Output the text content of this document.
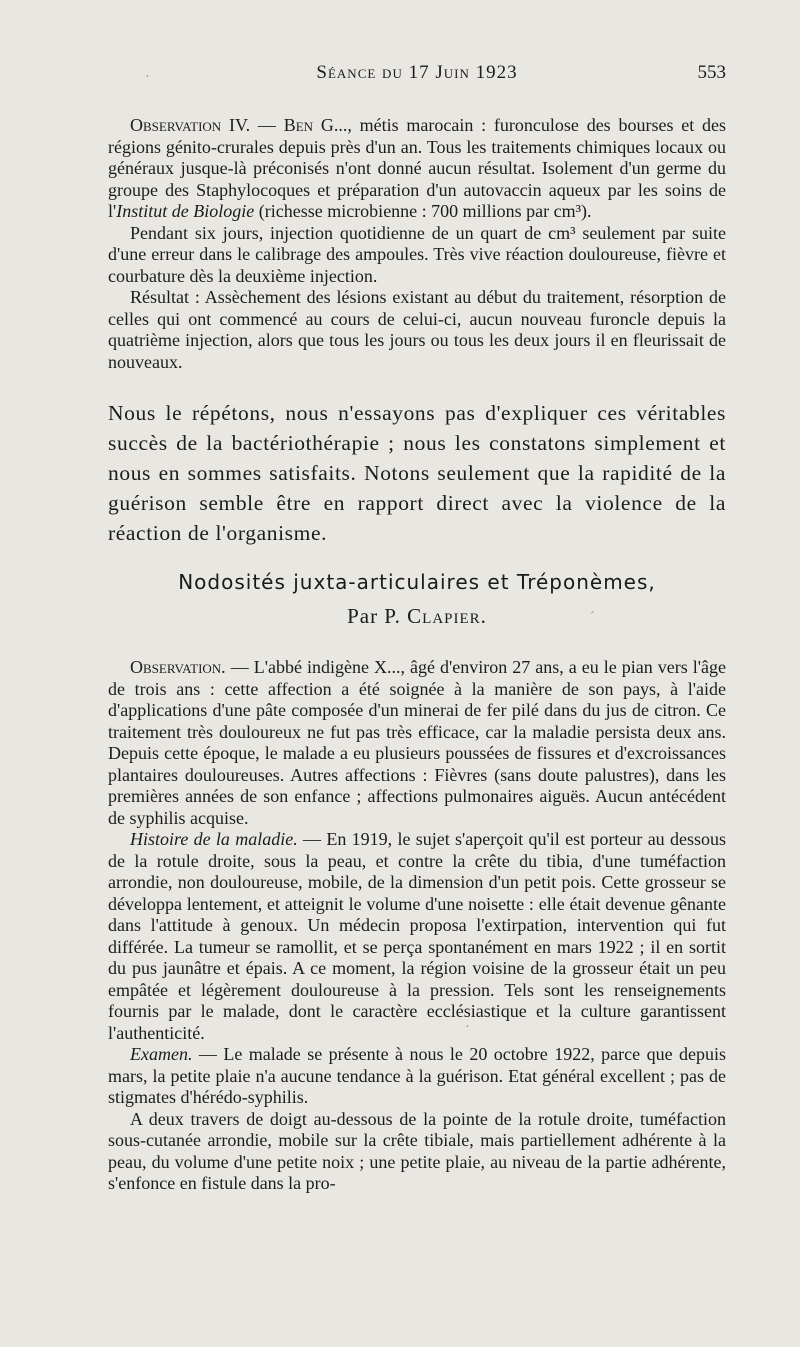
Séance du 17 Juin 1923	553

Observation IV. — Ben G..., métis marocain : furonculose des bourses et des régions génito-crurales depuis près d'un an. Tous les traitements chimiques locaux ou généraux jusque-là préconisés n'ont donné aucun résultat. Isolement d'un germe du groupe des Staphylocoques et préparation d'un autovaccin aqueux par les soins de l'Institut de Biologie (richesse microbienne : 700 millions par cm³).

Pendant six jours, injection quotidienne de un quart de cm³ seulement par suite d'une erreur dans le calibrage des ampoules. Très vive réaction douloureuse, fièvre et courbature dès la deuxième injection.

Résultat : Assèchement des lésions existant au début du traitement, résorption de celles qui ont commencé au cours de celui-ci, aucun nouveau furoncle depuis la quatrième injection, alors que tous les jours ou tous les deux jours il en fleurissait de nouveaux.

Nous le répétons, nous n'essayons pas d'expliquer ces véritables succès de la bactériothérapie ; nous les constatons simplement et nous en sommes satisfaits. Notons seulement que la rapidité de la guérison semble être en rapport direct avec la violence de la réaction de l'organisme.

Nodosités juxta-articulaires et Tréponèmes,
Par P. Clapier.

Observation. — L'abbé indigène X..., âgé d'environ 27 ans, a eu le pian vers l'âge de trois ans : cette affection a été soignée à la manière de son pays, à l'aide d'applications d'une pâte composée d'un minerai de fer pilé dans du jus de citron. Ce traitement très douloureux ne fut pas très efficace, car la maladie persista deux ans. Depuis cette époque, le malade a eu plusieurs poussées de fissures et d'excroissances plantaires douloureuses. Autres affections : Fièvres (sans doute palustres), dans les premières années de son enfance ; affections pulmonaires aiguës. Aucun antécédent de syphilis acquise.

Histoire de la maladie. — En 1919, le sujet s'aperçoit qu'il est porteur au dessous de la rotule droite, sous la peau, et contre la crête du tibia, d'une tuméfaction arrondie, non douloureuse, mobile, de la dimension d'un petit pois. Cette grosseur se développa lentement, et atteignit le volume d'une noisette : elle était devenue gênante dans l'attitude à genoux. Un médecin proposa l'extirpation, intervention qui fut différée. La tumeur se ramollit, et se perça spontanément en mars 1922 ; il en sortit du pus jaunâtre et épais. A ce moment, la région voisine de la grosseur était un peu empâtée et légèrement douloureuse à la pression. Tels sont les renseignements fournis par le malade, dont le caractère ecclésiastique et la culture garantissent l'authenticité.

Examen. — Le malade se présente à nous le 20 octobre 1922, parce que depuis mars, la petite plaie n'a aucune tendance à la guérison. Etat général excellent ; pas de stigmates d'hérédo-syphilis.

A deux travers de doigt au-dessous de la pointe de la rotule droite, tuméfaction sous-cutanée arrondie, mobile sur la crête tibiale, mais partiellement adhérente à la peau, du volume d'une petite noix ; une petite plaie, au niveau de la partie adhérente, s'enfonce en fistule dans la pro-

·
´
·
